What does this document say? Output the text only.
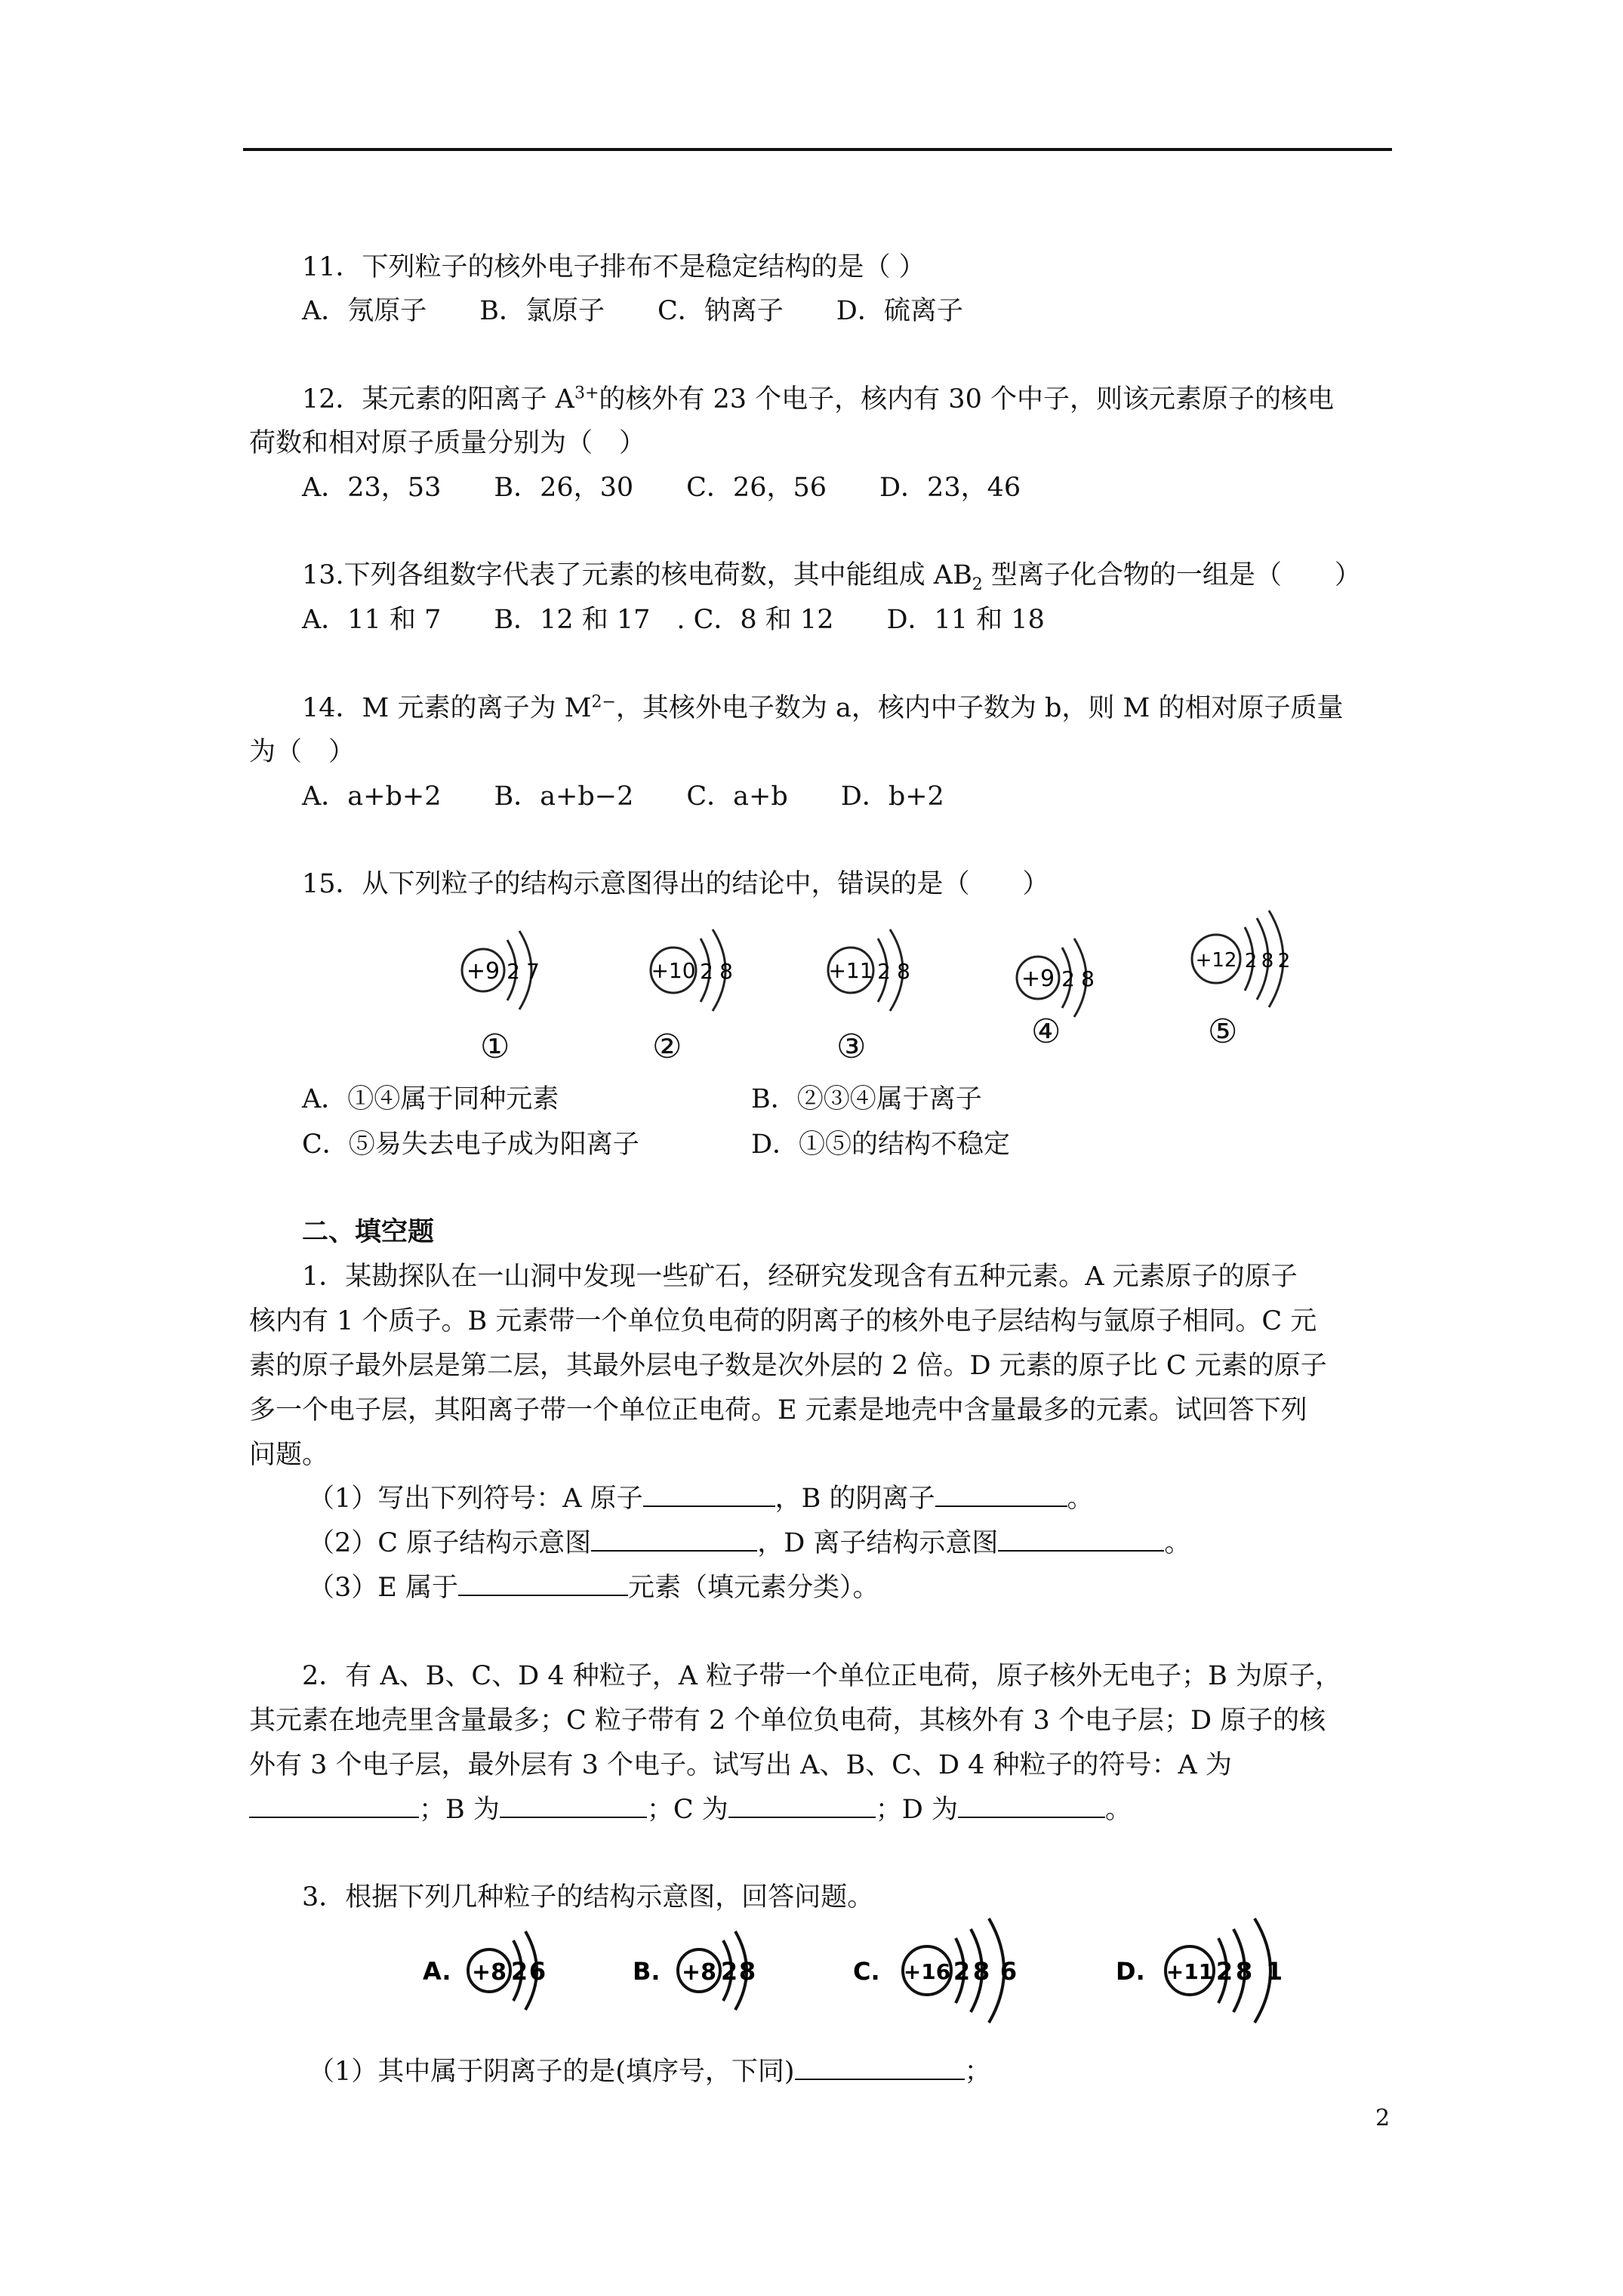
11．下列粒子的核外电子排布不是稳定结构的是（ ）
A．氖原子　　B．氯原子　　C．钠离子　　D．硫离子
12．某元素的阳离子 $A^{3+}$的核外有 23 个电子，核内有 30 个中子，则该元素原子的核电
荷数和相对原子质量分别为（　）
A．23，53　　B．26，30　　C．26，56　　D．23，46
13.下列各组数字代表了元素的核电荷数，其中能组成 $AB_2$ 型离子化合物的一组是（　　）
A．11 和 7　　B．12 和 17　. C．8 和 12　　D．11 和 18
14．M 元素的离子为 $M^{2-}$，其核外电子数为 a，核内中子数为 b，则 M 的相对原子质量
为（　）
A．a+b+2　　B．a+b−2　　C．a+b　　D．b+2
15．从下列粒子的结构示意图得出的结论中，错误的是（　　）
+9 2 7
①
+10 2 8
②
+11 2 8
③
+9 2 8
④
+12 2 8 2
⑤
A．①④属于同种元素	B．②③④属于离子
C．⑤易失去电子成为阳离子	D．①⑤的结构不稳定
二、填空题
1．某勘探队在一山洞中发现一些矿石，经研究发现含有五种元素。A 元素原子的原子
核内有 1 个质子。B 元素带一个单位负电荷的阴离子的核外电子层结构与氩原子相同。C 元
素的原子最外层是第二层，其最外层电子数是次外层的 2 倍。D 元素的原子比 C 元素的原子
多一个电子层，其阳离子带一个单位正电荷。E 元素是地壳中含量最多的元素。试回答下列
问题。
（1）写出下列符号：A 原子	，B 的阴离子	。
（2）C 原子结构示意图	，D 离子结构示意图	。
（3）E 属于	元素（填元素分类）。
2．有 A、B、C、D 4 种粒子，A 粒子带一个单位正电荷，原子核外无电子；B 为原子，
其元素在地壳里含量最多；C 粒子带有 2 个单位负电荷，其核外有 3 个电子层；D 原子的核
外有 3 个电子层，最外层有 3 个电子。试写出 A、B、C、D 4 种粒子的符号：A 为
；B 为	；C 为	；D 为	。
3．根据下列几种粒子的结构示意图，回答问题。
A. +8 2 6	B. +8 2 8	C. +16 2 8 6	D. +11 2 8 1
（1）其中属于阴离子的是(填序号，下同)	；
2
